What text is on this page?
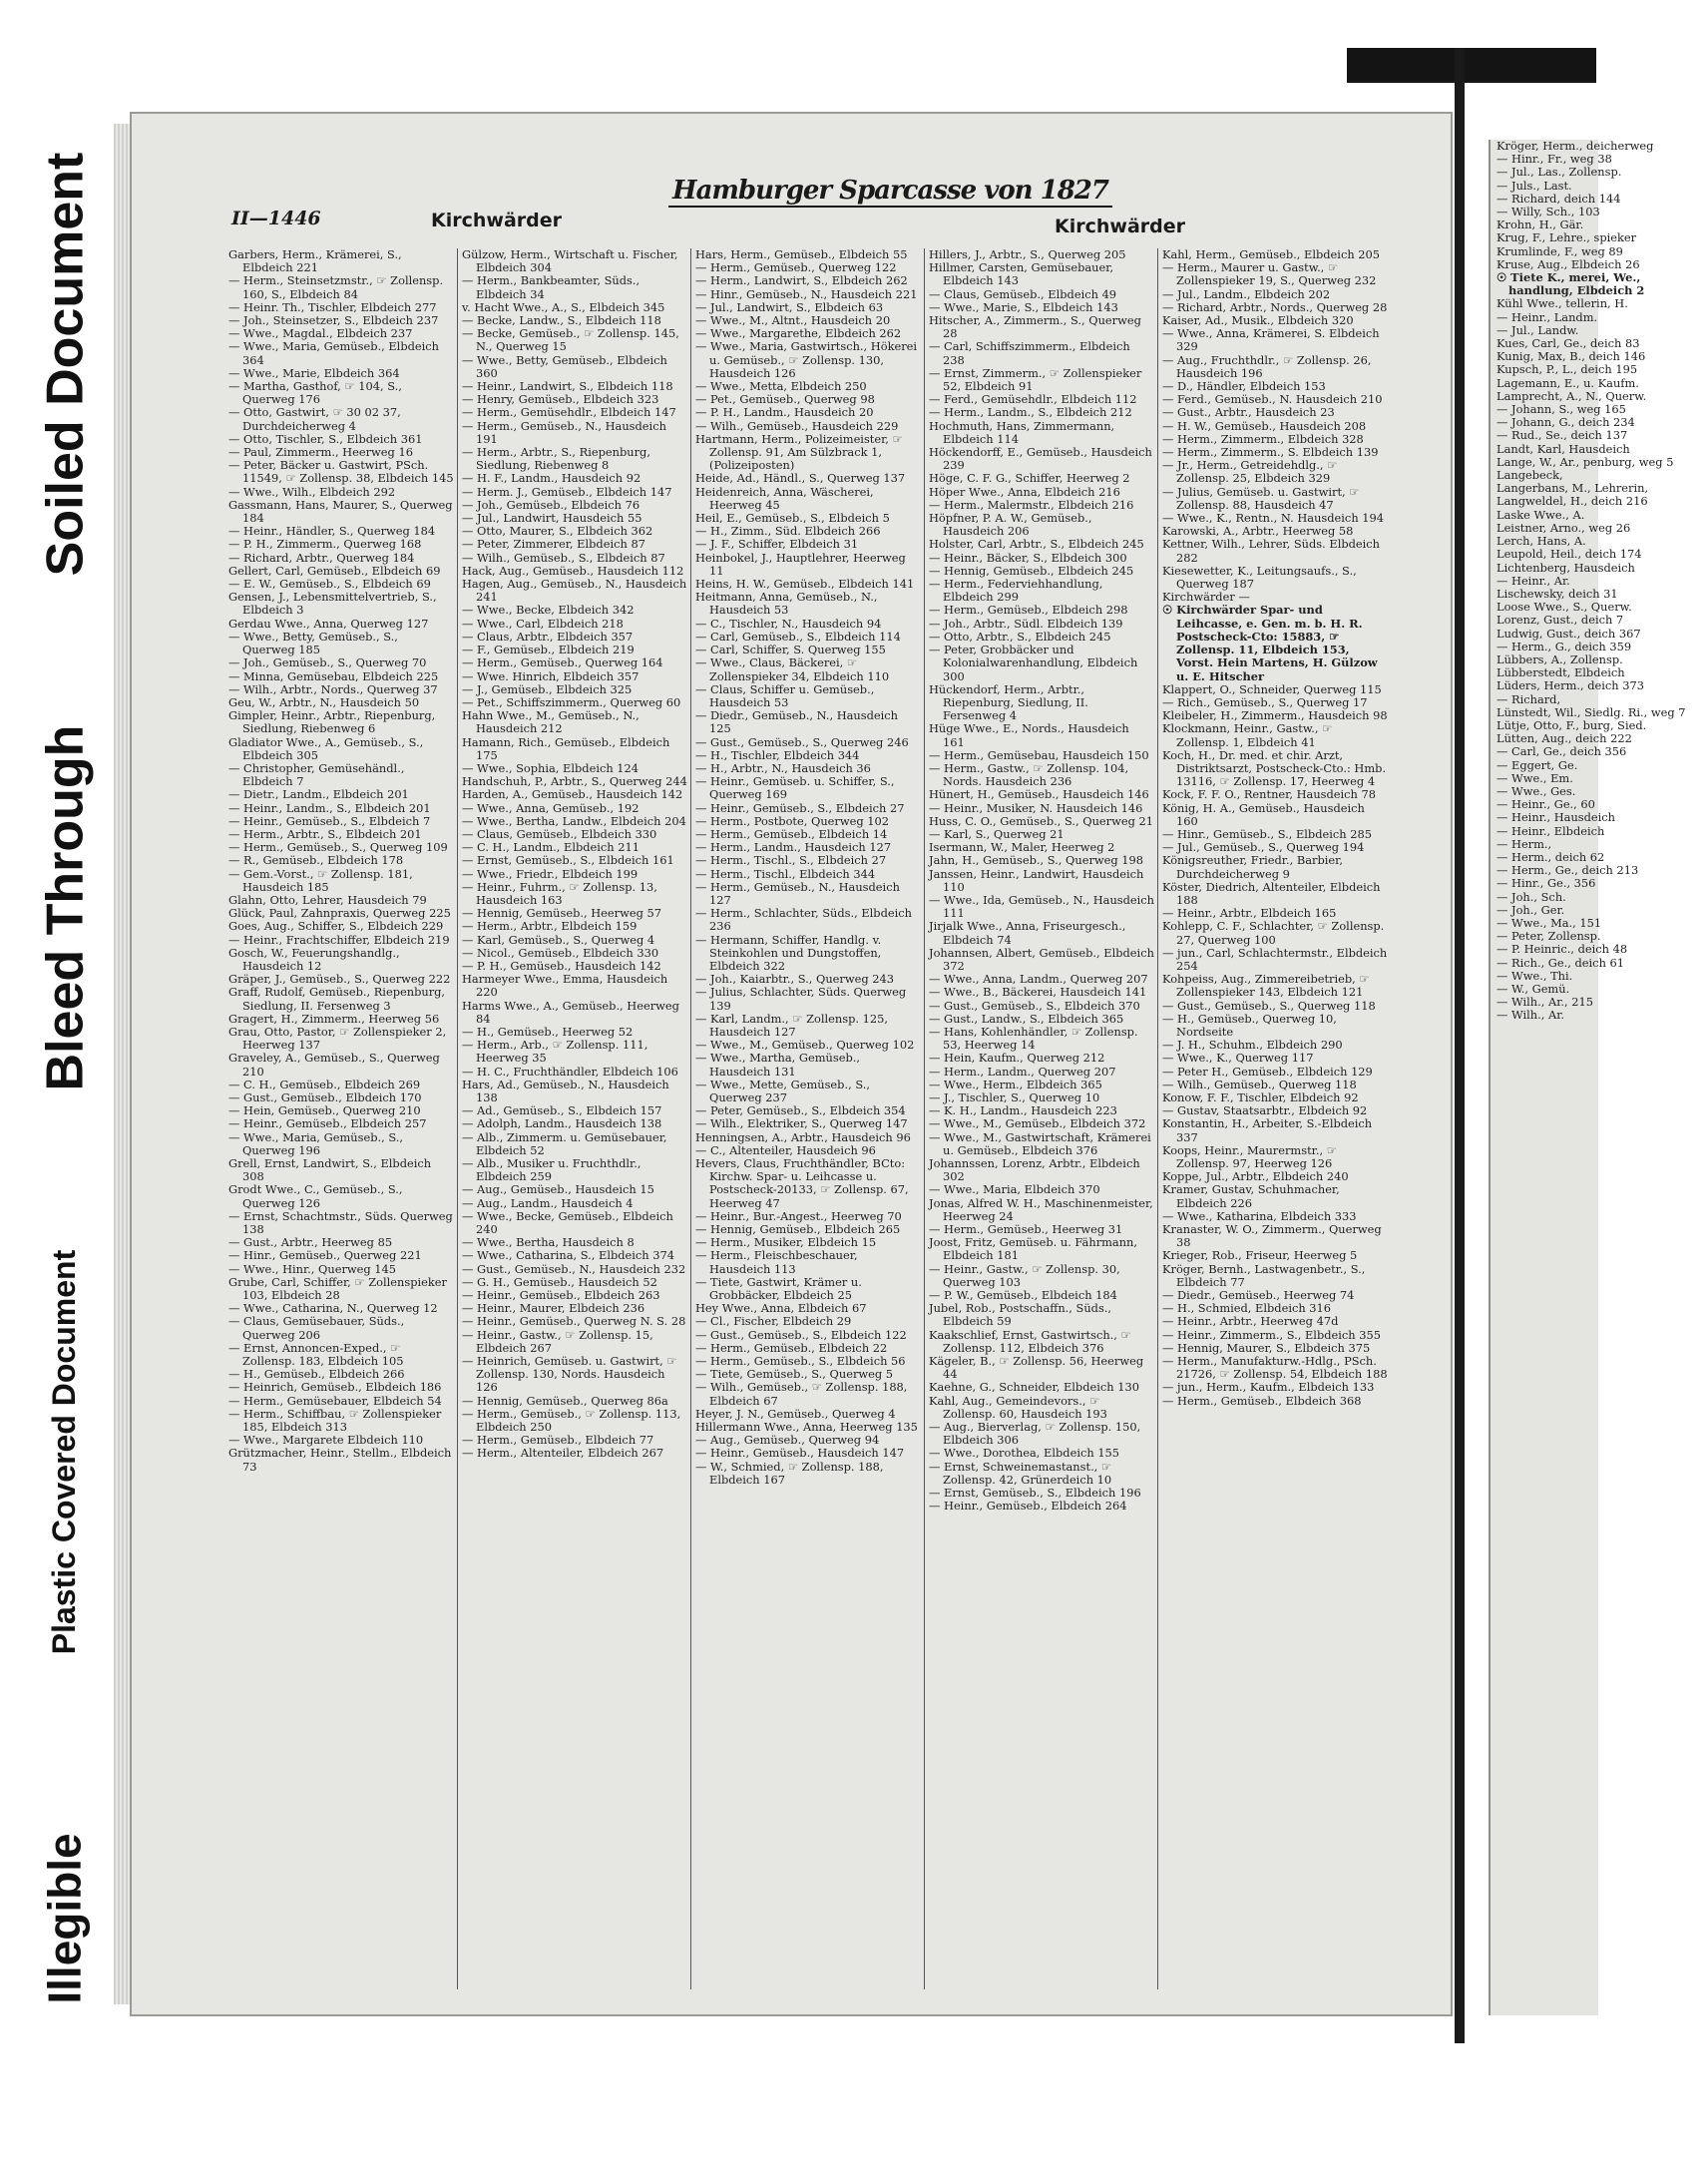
Soiled Document
Bleed Through
Plastic Covered Document
Illegible
II—1446	Kirchwärder
Hamburger Sparcasse von 1827
Kirchwärder

Garbers, Herm., Krämerei, S., Elbdeich 221

— Herm., Steinsetzmstr., ☞ Zollensp. 160, S., Elbdeich 84

— Heinr. Th., Tischler, Elbdeich 277

— Joh., Steinsetzer, S., Elbdeich 237

— Wwe., Magdal., Elbdeich 237

— Wwe., Maria, Gemüseb., Elbdeich 364

— Wwe., Marie, Elbdeich 364

— Martha, Gasthof, ☞ 104, S., Querweg 176

— Otto, Gastwirt, ☞ 30 02 37, Durchdeicherweg 4

— Otto, Tischler, S., Elbdeich 361

— Paul, Zimmerm., Heerweg 16

— Peter, Bäcker u. Gastwirt, PSch. 11549, ☞ Zollensp. 38, Elbdeich 145

— Wwe., Wilh., Elbdeich 292

Gassmann, Hans, Maurer, S., Querweg 184

— Heinr., Händler, S., Querweg 184

— P. H., Zimmerm., Querweg 168

— Richard, Arbtr., Querweg 184

Gellert, Carl, Gemüseb., Elbdeich 69

— E. W., Gemüseb., S., Elbdeich 69

Gensen, J., Lebensmittelvertrieb, S., Elbdeich 3

Gerdau Wwe., Anna, Querweg 127

— Wwe., Betty, Gemüseb., S., Querweg 185

— Joh., Gemüseb., S., Querweg 70

— Minna, Gemüsebau, Elbdeich 225

— Wilh., Arbtr., Nords., Querweg 37

Geu, W., Arbtr., N., Hausdeich 50

Gimpler, Heinr., Arbtr., Riepenburg, Siedlung, Riebenweg 6

Gladiator Wwe., A., Gemüseb., S., Elbdeich 305

— Christopher, Gemüsehändl., Elbdeich 7

— Dietr., Landm., Elbdeich 201

— Heinr., Landm., S., Elbdeich 201

— Heinr., Gemüseb., S., Elbdeich 7

— Herm., Arbtr., S., Elbdeich 201

— Herm., Gemüseb., S., Querweg 109

— R., Gemüseb., Elbdeich 178

— Gem.-Vorst., ☞ Zollensp. 181, Hausdeich 185

Glahn, Otto, Lehrer, Hausdeich 79

Glück, Paul, Zahnpraxis, Querweg 225

Goes, Aug., Schiffer, S., Elbdeich 229

— Heinr., Frachtschiffer, Elbdeich 219

Gosch, W., Feuerungshandlg., Hausdeich 12

Gräper, J., Gemüseb., S., Querweg 222

Graff, Rudolf, Gemüseb., Riepenburg, Siedlung, II. Fersenweg 3

Gragert, H., Zimmerm., Heerweg 56

Grau, Otto, Pastor, ☞ Zollenspieker 2, Heerweg 137

Graveley, A., Gemüseb., S., Querweg 210

— C. H., Gemüseb., Elbdeich 269

— Gust., Gemüseb., Elbdeich 170

— Hein, Gemüseb., Querweg 210

— Heinr., Gemüseb., Elbdeich 257

— Wwe., Maria, Gemüseb., S., Querweg 196

Grell, Ernst, Landwirt, S., Elbdeich 308

Grodt Wwe., C., Gemüseb., S., Querweg 126

— Ernst, Schachtmstr., Süds. Querweg 138

— Gust., Arbtr., Heerweg 85

— Hinr., Gemüseb., Querweg 221

— Wwe., Hinr., Querweg 145

Grube, Carl, Schiffer, ☞ Zollenspieker 103, Elbdeich 28

— Wwe., Catharina, N., Querweg 12

— Claus, Gemüsebauer, Süds., Querweg 206

— Ernst, Annoncen-Exped., ☞ Zollensp. 183, Elbdeich 105

— H., Gemüseb., Elbdeich 266

— Heinrich, Gemüseb., Elbdeich 186

— Herm., Gemüsebauer, Elbdeich 54

— Herm., Schiffbau, ☞ Zollenspieker 185, Elbdeich 313

— Wwe., Margarete Elbdeich 110

Grützmacher, Heinr., Stellm., Elbdeich 73

Gülzow, Herm., Wirtschaft u. Fischer, Elbdeich 304

— Herm., Bankbeamter, Süds., Elbdeich 34

v. Hacht Wwe., A., S., Elbdeich 345

— Becke, Landw., S., Elbdeich 118

— Becke, Gemüseb., ☞ Zollensp. 145, N., Querweg 15

— Wwe., Betty, Gemüseb., Elbdeich 360

— Heinr., Landwirt, S., Elbdeich 118

— Henry, Gemüseb., Elbdeich 323

— Herm., Gemüsehdlr., Elbdeich 147

— Herm., Gemüseb., N., Hausdeich 191

— Herm., Arbtr., S., Riepenburg, Siedlung, Riebenweg 8

— H. F., Landm., Hausdeich 92

— Herm. J., Gemüseb., Elbdeich 147

— Joh., Gemüseb., Elbdeich 76

— Jul., Landwirt, Hausdeich 55

— Otto, Maurer, S., Elbdeich 362

— Peter, Zimmerer, Elbdeich 87

— Wilh., Gemüseb., S., Elbdeich 87

Hack, Aug., Gemüseb., Hausdeich 112

Hagen, Aug., Gemüseb., N., Hausdeich 241

— Wwe., Becke, Elbdeich 342

— Wwe., Carl, Elbdeich 218

— Claus, Arbtr., Elbdeich 357

— F., Gemüseb., Elbdeich 219

— Herm., Gemüseb., Querweg 164

— Wwe. Hinrich, Elbdeich 357

— J., Gemüseb., Elbdeich 325

— Pet., Schiffszimmerm., Querweg 60

Hahn Wwe., M., Gemüseb., N., Hausdeich 212

Hamann, Rich., Gemüseb., Elbdeich 175

— Wwe., Sophia, Elbdeich 124

Handschuh, P., Arbtr., S., Querweg 244

Harden, A., Gemüseb., Hausdeich 142

— Wwe., Anna, Gemüseb., 192

— Wwe., Bertha, Landw., Elbdeich 204

— Claus, Gemüseb., Elbdeich 330

— C. H., Landm., Elbdeich 211

— Ernst, Gemüseb., S., Elbdeich 161

— Wwe., Friedr., Elbdeich 199

— Heinr., Fuhrm., ☞ Zollensp. 13, Hausdeich 163

— Hennig, Gemüseb., Heerweg 57

— Herm., Arbtr., Elbdeich 159

— Karl, Gemüseb., S., Querweg 4

— Nicol., Gemüseb., Elbdeich 330

— P. H., Gemüseb., Hausdeich 142

Harmeyer Wwe., Emma, Hausdeich 220

Harms Wwe., A., Gemüseb., Heerweg 84

— H., Gemüseb., Heerweg 52

— Herm., Arb., ☞ Zollensp. 111, Heerweg 35

— H. C., Fruchthändler, Elbdeich 106

Hars, Ad., Gemüseb., N., Hausdeich 138

— Ad., Gemüseb., S., Elbdeich 157

— Adolph, Landm., Hausdeich 138

— Alb., Zimmerm. u. Gemüsebauer, Elbdeich 52

— Alb., Musiker u. Fruchthdlr., Elbdeich 259

— Aug., Gemüseb., Hausdeich 15

— Aug., Landm., Hausdeich 4

— Wwe., Becke, Gemüseb., Elbdeich 240

— Wwe., Bertha, Hausdeich 8

— Wwe., Catharina, S., Elbdeich 374

— Gust., Gemüseb., N., Hausdeich 232

— G. H., Gemüseb., Hausdeich 52

— Heinr., Gemüseb., Elbdeich 263

— Heinr., Maurer, Elbdeich 236

— Heinr., Gemüseb., Querweg N. S. 28

— Heinr., Gastw., ☞ Zollensp. 15, Elbdeich 267

— Heinrich, Gemüseb. u. Gastwirt, ☞ Zollensp. 130, Nords. Hausdeich 126

— Hennig, Gemüseb., Querweg 86a

— Herm., Gemüseb., ☞ Zollensp. 113, Elbdeich 250

— Herm., Gemüseb., Elbdeich 77

— Herm., Altenteiler, Elbdeich 267

Hars, Herm., Gemüseb., Elbdeich 55

— Herm., Gemüseb., Querweg 122

— Herm., Landwirt, S., Elbdeich 262

— Hinr., Gemüseb., N., Hausdeich 221

— Jul., Landwirt, S., Elbdeich 63

— Wwe., M., Altnt., Hausdeich 20

— Wwe., Margarethe, Elbdeich 262

— Wwe., Maria, Gastwirtsch., Hökerei u. Gemüseb., ☞ Zollensp. 130, Hausdeich 126

— Wwe., Metta, Elbdeich 250

— Pet., Gemüseb., Querweg 98

— P. H., Landm., Hausdeich 20

— Wilh., Gemüseb., Hausdeich 229

Hartmann, Herm., Polizeimeister, ☞ Zollensp. 91, Am Sülzbrack 1, (Polizeiposten)

Heide, Ad., Händl., S., Querweg 137

Heidenreich, Anna, Wäscherei, Heerweg 45

Heil, E., Gemüseb., S., Elbdeich 5

— H., Zimm., Süd. Elbdeich 266

— J. F., Schiffer, Elbdeich 31

Heinbokel, J., Hauptlehrer, Heerweg 11

Heins, H. W., Gemüseb., Elbdeich 141

Heitmann, Anna, Gemüseb., N., Hausdeich 53

— C., Tischler, N., Hausdeich 94

— Carl, Gemüseb., S., Elbdeich 114

— Carl, Schiffer, S. Querweg 155

— Wwe., Claus, Bäckerei, ☞ Zollenspieker 34, Elbdeich 110

— Claus, Schiffer u. Gemüseb., Hausdeich 53

— Diedr., Gemüseb., N., Hausdeich 125

— Gust., Gemüseb., S., Querweg 246

— H., Tischler, Elbdeich 344

— H., Arbtr., N., Hausdeich 36

— Heinr., Gemüseb. u. Schiffer, S., Querweg 169

— Heinr., Gemüseb., S., Elbdeich 27

— Herm., Postbote, Querweg 102

— Herm., Gemüseb., Elbdeich 14

— Herm., Landm., Hausdeich 127

— Herm., Tischl., S., Elbdeich 27

— Herm., Tischl., Elbdeich 344

— Herm., Gemüseb., N., Hausdeich 127

— Herm., Schlachter, Süds., Elbdeich 236

— Hermann, Schiffer, Handlg. v. Steinkohlen und Dungstoffen, Elbdeich 322

— Joh., Kaiarbtr., S., Querweg 243

— Julius, Schlachter, Süds. Querweg 139

— Karl, Landm., ☞ Zollensp. 125, Hausdeich 127

— Wwe., M., Gemüseb., Querweg 102

— Wwe., Martha, Gemüseb., Hausdeich 131

— Wwe., Mette, Gemüseb., S., Querweg 237

— Peter, Gemüseb., S., Elbdeich 354

— Wilh., Elektriker, S., Querweg 147

Henningsen, A., Arbtr., Hausdeich 96

— C., Altenteiler, Hausdeich 96

Hevers, Claus, Fruchthändler, BCto: Kirchw. Spar- u. Leihcasse u. Postscheck-20133, ☞ Zollensp. 67, Heerweg 47

— Heinr., Bur.-Angest., Heerweg 70

— Hennig, Gemüseb., Elbdeich 265

— Herm., Musiker, Elbdeich 15

— Herm., Fleischbeschauer, Hausdeich 113

— Tiete, Gastwirt, Krämer u. Grobbäcker, Elbdeich 25

Hey Wwe., Anna, Elbdeich 67

— Cl., Fischer, Elbdeich 29

— Gust., Gemüseb., S., Elbdeich 122

— Herm., Gemüseb., Elbdeich 22

— Herm., Gemüseb., S., Elbdeich 56

— Tiete, Gemüseb., S., Querweg 5

— Wilh., Gemüseb., ☞ Zollensp. 188, Elbdeich 67

Heyer, J. N., Gemüseb., Querweg 4

Hillermann Wwe., Anna, Heerweg 135

— Aug., Gemüseb., Querweg 94

— Heinr., Gemüseb., Hausdeich 147

— W., Schmied, ☞ Zollensp. 188, Elbdeich 167

Hillers, J., Arbtr., S., Querweg 205

Hillmer, Carsten, Gemüsebauer, Elbdeich 143

— Claus, Gemüseb., Elbdeich 49

— Wwe., Marie, S., Elbdeich 143

Hitscher, A., Zimmerm., S., Querweg 28

— Carl, Schiffszimmerm., Elbdeich 238

— Ernst, Zimmerm., ☞ Zollenspieker 52, Elbdeich 91

— Ferd., Gemüsehdlr., Elbdeich 112

— Herm., Landm., S., Elbdeich 212

Hochmuth, Hans, Zimmermann, Elbdeich 114

Höckendorff, E., Gemüseb., Hausdeich 239

Höge, C. F. G., Schiffer, Heerweg 2

Höper Wwe., Anna, Elbdeich 216

— Herm., Malermstr., Elbdeich 216

Höpfner, P. A. W., Gemüseb., Hausdeich 206

Holster, Carl, Arbtr., S., Elbdeich 245

— Heinr., Bäcker, S., Elbdeich 300

— Hennig, Gemüseb., Elbdeich 245

— Herm., Federviehhandlung, Elbdeich 299

— Herm., Gemüseb., Elbdeich 298

— Joh., Arbtr., Südl. Elbdeich 139

— Otto, Arbtr., S., Elbdeich 245

— Peter, Grobbäcker und Kolonialwarenhandlung, Elbdeich 300

Hückendorf, Herm., Arbtr., Riepenburg, Siedlung, II. Fersenweg 4

Hüge Wwe., E., Nords., Hausdeich 161

— Herm., Gemüsebau, Hausdeich 150

— Herm., Gastw., ☞ Zollensp. 104, Nords. Hausdeich 236

Hünert, H., Gemüseb., Hausdeich 146

— Heinr., Musiker, N. Hausdeich 146

Huss, C. O., Gemüseb., S., Querweg 21

— Karl, S., Querweg 21

Isermann, W., Maler, Heerweg 2

Jahn, H., Gemüseb., S., Querweg 198

Janssen, Heinr., Landwirt, Hausdeich 110

— Wwe., Ida, Gemüseb., N., Hausdeich 111

Jirjalk Wwe., Anna, Friseurgesch., Elbdeich 74

Johannsen, Albert, Gemüseb., Elbdeich 372

— Wwe., Anna, Landm., Querweg 207

— Wwe., B., Bäckerei, Hausdeich 141

— Gust., Gemüseb., S., Elbdeich 370

— Gust., Landw., S., Elbdeich 365

— Hans, Kohlenhändler, ☞ Zollensp. 53, Heerweg 14

— Hein, Kaufm., Querweg 212

— Herm., Landm., Querweg 207

— Wwe., Herm., Elbdeich 365

— J., Tischler, S., Querweg 10

— K. H., Landm., Hausdeich 223

— Wwe., M., Gemüseb., Elbdeich 372

— Wwe., M., Gastwirtschaft, Krämerei u. Gemüseb., Elbdeich 376

Johannssen, Lorenz, Arbtr., Elbdeich 302

— Wwe., Maria, Elbdeich 370

Jonas, Alfred W. H., Maschinenmeister, Heerweg 24

— Herm., Gemüseb., Heerweg 31

Joost, Fritz, Gemüseb. u. Fährmann, Elbdeich 181

— Heinr., Gastw., ☞ Zollensp. 30, Querweg 103

— P. W., Gemüseb., Elbdeich 184

Jubel, Rob., Postschaffn., Süds., Elbdeich 59

Kaakschlief, Ernst, Gastwirtsch., ☞ Zollensp. 112, Elbdeich 376

Kägeler, B., ☞ Zollensp. 56, Heerweg 44

Kaehne, G., Schneider, Elbdeich 130

Kahl, Aug., Gemeindevors., ☞ Zollensp. 60, Hausdeich 193

— Aug., Bierverlag, ☞ Zollensp. 150, Elbdeich 306

— Wwe., Dorothea, Elbdeich 155

— Ernst, Schweinemastanst., ☞ Zollensp. 42, Grünerdeich 10

— Ernst, Gemüseb., S., Elbdeich 196

— Heinr., Gemüseb., Elbdeich 264

Kahl, Herm., Gemüseb., Elbdeich 205

— Herm., Maurer u. Gastw., ☞ Zollenspieker 19, S., Querweg 232

— Jul., Landm., Elbdeich 202

— Richard, Arbtr., Nords., Querweg 28

Kaiser, Ad., Musik., Elbdeich 320

— Wwe., Anna, Krämerei, S. Elbdeich 329

— Aug., Fruchthdlr., ☞ Zollensp. 26, Hausdeich 196

— D., Händler, Elbdeich 153

— Ferd., Gemüseb., N. Hausdeich 210

— Gust., Arbtr., Hausdeich 23

— H. W., Gemüseb., Hausdeich 208

— Herm., Zimmerm., Elbdeich 328

— Herm., Zimmerm., S. Elbdeich 139

— Jr., Herm., Getreidehdlg., ☞ Zollensp. 25, Elbdeich 329

— Julius, Gemüseb. u. Gastwirt, ☞ Zollensp. 88, Hausdeich 47

— Wwe., K., Rentn., N. Hausdeich 194

Karowski, A., Arbtr., Heerweg 58

Kettner, Wilh., Lehrer, Süds. Elbdeich 282

Kiesewetter, K., Leitungsaufs., S., Querweg 187

Kirchwärder —

☉ Kirchwärder Spar- und Leihcasse, e. Gen. m. b. H. R. Postscheck-Cto: 15883, ☞ Zollensp. 11, Elbdeich 153, Vorst. Hein Martens, H. Gülzow u. E. Hitscher

Klappert, O., Schneider, Querweg 115

— Rich., Gemüseb., S., Querweg 17

Kleibeler, H., Zimmerm., Hausdeich 98

Klockmann, Heinr., Gastw., ☞ Zollensp. 1, Elbdeich 41

Koch, H., Dr. med. et chir. Arzt, Distriktsarzt, Postscheck-Cto.: Hmb. 13116, ☞ Zollensp. 17, Heerweg 4

Kock, F. F. O., Rentner, Hausdeich 78

König, H. A., Gemüseb., Hausdeich 160

— Hinr., Gemüseb., S., Elbdeich 285

— Jul., Gemüseb., S., Querweg 194

Königsreuther, Friedr., Barbier, Durchdeicherweg 9

Köster, Diedrich, Altenteiler, Elbdeich 188

— Heinr., Arbtr., Elbdeich 165

Kohlepp, C. F., Schlachter, ☞ Zollensp. 27, Querweg 100

— jun., Carl, Schlachtermstr., Elbdeich 254

Kohpeiss, Aug., Zimmereibetrieb, ☞ Zollenspieker 143, Elbdeich 121

— Gust., Gemüseb., S., Querweg 118

— H., Gemüseb., Querweg 10, Nordseite

— J. H., Schuhm., Elbdeich 290

— Wwe., K., Querweg 117

— Peter H., Gemüseb., Elbdeich 129

— Wilh., Gemüseb., Querweg 118

Konow, F. F., Tischler, Elbdeich 92

— Gustav, Staatsarbtr., Elbdeich 92

Konstantin, H., Arbeiter, S.-Elbdeich 337

Koops, Heinr., Maurermstr., ☞ Zollensp. 97, Heerweg 126

Koppe, Jul., Arbtr., Elbdeich 240

Kramer, Gustav, Schuhmacher, Elbdeich 226

— Wwe., Katharina, Elbdeich 333

Kranaster, W. O., Zimmerm., Querweg 38

Krieger, Rob., Friseur, Heerweg 5

Kröger, Bernh., Lastwagenbetr., S., Elbdeich 77

— Diedr., Gemüseb., Heerweg 74

— H., Schmied, Elbdeich 316

— Heinr., Arbtr., Heerweg 47d

— Heinr., Zimmerm., S., Elbdeich 355

— Hennig, Maurer, S., Elbdeich 375

— Herm., Manufakturw.-Hdlg., PSch. 21726, ☞ Zollensp. 54, Elbdeich 188

— jun., Herm., Kaufm., Elbdeich 133

— Herm., Gemüseb., Elbdeich 368

Kröger, Herm., deicherweg

— Hinr., Fr., weg 38

— Jul., Las., Zollensp.

— Juls., Last.

— Richard, deich 144

— Willy, Sch., 103

Krohn, H., Gär.

Krug, F., Lehre., spieker

Krumlinde, F., weg 89

Kruse, Aug., Elbdeich 26

☉ Tiete K., merei, We., handlung, Elbdeich 2

Kühl Wwe., tellerin, H.

— Heinr., Landm.

— Jul., Landw.

Kues, Carl, Ge., deich 83

Kunig, Max, B., deich 146

Kupsch, P., L., deich 195

Lagemann, E., u. Kaufm.

Lamprecht, A., N., Querw.

— Johann, S., weg 165

— Johann, G., deich 234

— Rud., Se., deich 137

Landt, Karl, Hausdeich

Lange, W., Ar., penburg, weg 5

Langebeck,

Langerbans, M., Lehrerin,

Langweldel, H., deich 216

Laske Wwe., A.

Leistner, Arno., weg 26

Lerch, Hans, A.

Leupold, Heil., deich 174

Lichtenberg, Hausdeich

— Heinr., Ar.

Lischewsky, deich 31

Loose Wwe., S., Querw.

Lorenz, Gust., deich 7

Ludwig, Gust., deich 367

— Herm., G., deich 359

Lübbers, A., Zollensp.

Lübberstedt, Elbdeich

Lüders, Herm., deich 373

— Richard,

Lünstedt, Wil., Siedlg. Ri., weg 7

Lütje, Otto, F., burg, Sied.

Lütten, Aug., deich 222

— Carl, Ge., deich 356

— Eggert, Ge.

— Wwe., Em.

— Wwe., Ges.

— Heinr., Ge., 60

— Heinr., Hausdeich

— Heinr., Elbdeich

— Herm.,

— Herm., deich 62

— Herm., Ge., deich 213

— Hinr., Ge., 356

— Joh., Sch.

— Joh., Ger.

— Wwe., Ma., 151

— Peter, Zollensp.

— P. Heinric., deich 48

— Rich., Ge., deich 61

— Wwe., Thi.

— W., Gemü.

— Wilh., Ar., 215

— Wilh., Ar.
